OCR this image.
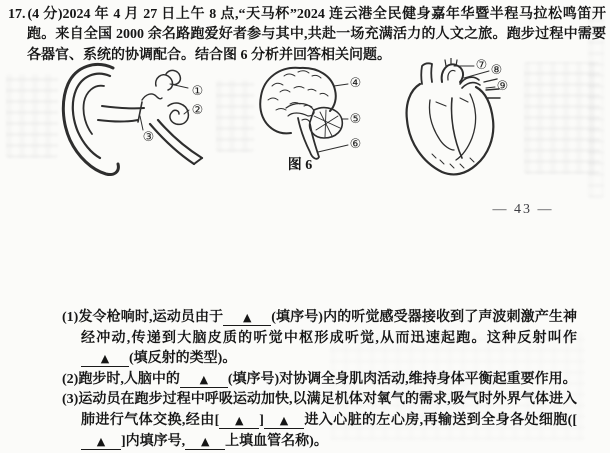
17. (4 分)2024 年 4 月 27 日上午 8 点,“天马杯”2024 连云港全民健身嘉年华暨半程马拉松鸣笛开跑。来自全国 2000 余名路跑爱好者参与其中,共赴一场充满活力的人文之旅。跑步过程中需要各器官、系统的协调配合。结合图 6 分析并回答相关问题。

①
②
③
④
⑤
⑥
⑦ ⑧
⑨
图 6
— 43 —

(1)发令枪响时,运动员由于 ▲ (填序号)内的听觉感受器接收到了声波刺激产生神经冲动,传递到大脑皮质的听觉中枢形成听觉,从而迅速起跑。这种反射叫作▲ (填反射的类型)。

(2)跑步时,人脑中的 ▲ (填序号)对协调全身肌肉活动,维持身体平衡起重要作用。

(3)运动员在跑步过程中呼吸运动加快,以满足机体对氧气的需求,吸气时外界气体进入肺进行气体交换,经由[ ▲ ] ▲ 进入心脏的左心房,再输送到全身各处细胞([▲ ]内填序号, ▲ 上填血管名称)。
